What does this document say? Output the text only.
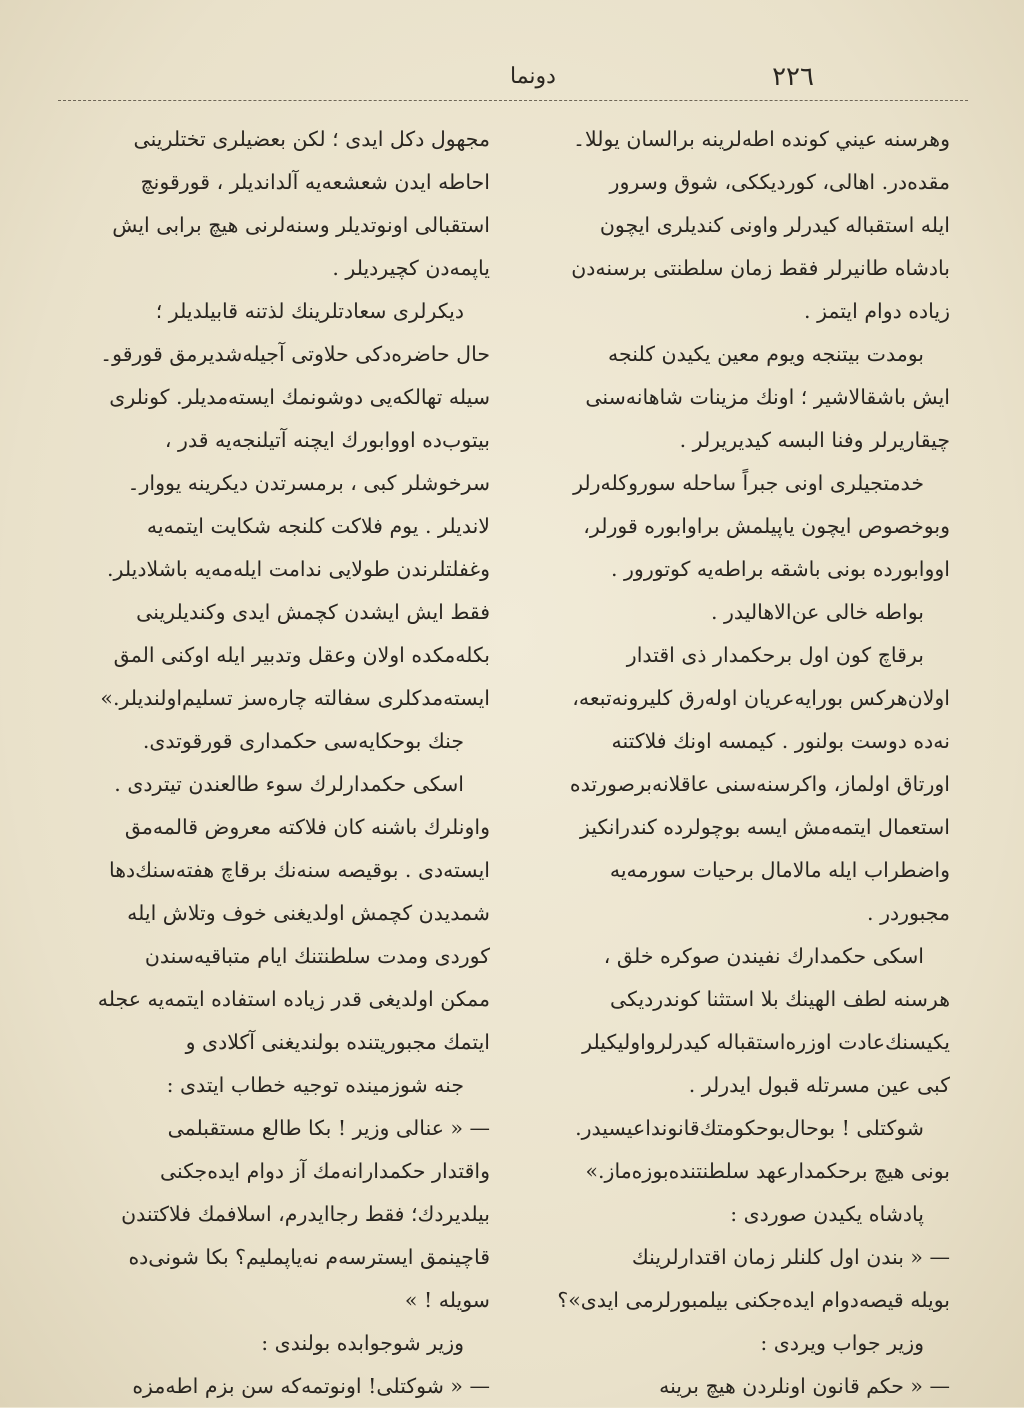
٢٢٦
دونما
وهرسنه عيني كونده اطه‌لرينه برالسان يوللا۔
مقده‌در. اهالی، كوردیككی، شوق وسرور
ايله استقباله كيدرلر واونی كنديلری ايچون
بادشاه طانيرلر فقط زمان سلطنتی برسنه‌دن
زياده دوام ايتمز .
بومدت بیتنجه ويوم معين يكيدن كلنجه
ايش باشقالاشير ؛ اونك مزينات شاهانه‌سنی
چيقاريرلر وفنا البسه كيديريرلر .
خدمتجيلری اونی جبراً ساحله سوروكله‌رلر
وبوخصوص ايچون ياپيلمش براوابوره قورلر،
اووابورده بونی باشقه براطه‌يه كوتورور .
بواطه خالی عن‌الاهاليدر .
برقاچ كون اول برحكمدار ذی اقتدار
اولان‌هركس بورايه‌عريان اوله‌رق كليرونه‌تبعه،
نه‌ده دوست بولنور . كيمسه اونك فلاكتنه
اورتاق اولماز، واكرسنه‌سنی عاقلانه‌برصورتده
استعمال ايتمه‌مش ايسه بوچولرده كندرانكيز
واضطراب ايله مالامال برحيات سورمه‌يه
مجبوردر .
اسكی حكمدارك نفيندن صوكره خلق ،
هرسنه لطف الهينك بلا استثنا كوندرديكی
يكيسنك‌عادت اوزره‌استقباله كيدرلرواوليكيلر
كبی عين مسرتله قبول ايدرلر .
شوكتلی ! بوحال‌بوحكومتك‌قانونداعيسيدر.
بونی هيچ برحكمدارعهد سلطنتنده‌بوزه‌ماز.»
پادشاه يكيدن صوردی :
— « بندن اول كلنلر زمان اقتدارلرينك
بويله قيصه‌دوام ايده‌جكنی بيلمبورلرمی ايدی»؟
وزير جواب ويردی :
— « حكم قانون اونلردن هيچ برينه
مجهول دكل ايدی ؛ لكن بعضيلری تختلرينی
احاطه ايدن شعشعه‌يه آلدانديلر ، قورقونچ
استقبالی اونوتديلر وسنه‌لرنی هيچ برابی ايش
ياپمه‌دن كچيرديلر .
ديكرلری سعادتلرينك لذتنه قابيلديلر ؛
حال حاضره‌دكی حلاوتی آجيله‌شديرمق قورقو۔
سيله تهالكه‌يی دوشونمك ايسته‌مديلر. كونلری
بيتوب‌ده اووابورك ايچنه آتيلنجه‌يه قدر ،
سرخوشلر كبی ، برمسرتدن ديكرينه يووار۔
لانديلر . يوم فلاكت كلنجه شكايت ايتمه‌يه
وغفلتلرندن طولايی ندامت ايله‌مه‌يه باشلاديلر.
فقط ايش ايشدن كچمش ايدی وكنديلرينی
بكله‌مكده اولان وعقل وتدبير ايله اوكنی المق
ايسته‌مدكلری سفالته چاره‌سز تسليم‌اولنديلر.»
جنك بوحكايه‌سی حكمداری قورقوتدی.
اسكی حكمدارلرك سوء طالعندن تيتردی .
واونلرك باشنه كان فلاكته معروض قالمه‌مق
ايسته‌دی . بوقيصه سنه‌نك برقاچ هفته‌سنك‌دها
شمديدن كچمش اولديغنی خوف وتلاش ايله
كوردی ومدت سلطنتنك ايام متباقيه‌سندن
ممكن اولديغی قدر زياده استفاده ايتمه‌يه عجله
ايتمك مجبوريتنده بولنديغنی آكلادی و
جنه شوزمينده توجيه خطاب ايتدی :
— « عنالی وزير ! بكا طالع مستقبلمی
واقتدار حكمدارانه‌مك آز دوام ايده‌جكنی
بيلديردك؛ فقط رجاايدرم، اسلافمك فلاكتندن
قاچينمق ايسترسه‌م نه‌ياپمليم؟ بكا شونی‌ده
سويله ! »
وزير شوجوابده بولندی :
— « شوكتلی! اونوتمه‌كه سن بزم اطه‌مزه
